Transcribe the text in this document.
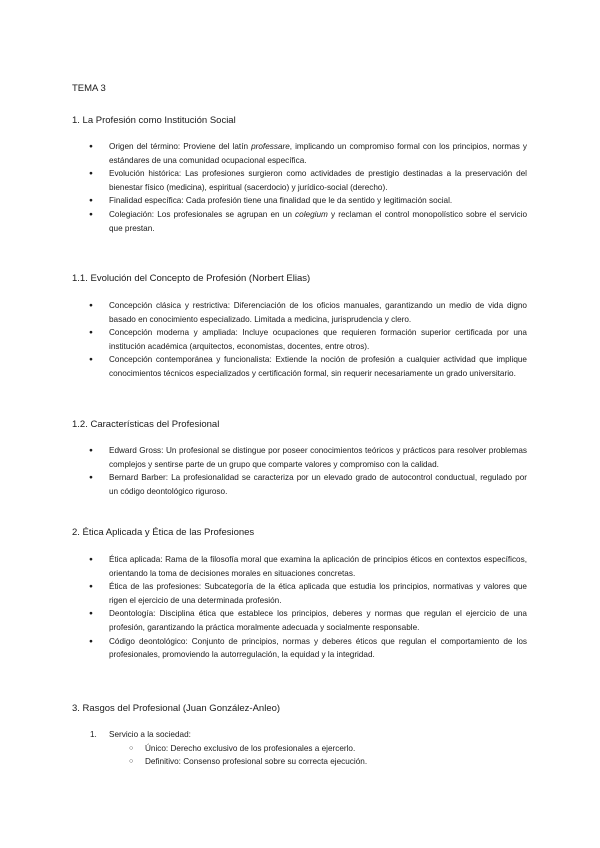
TEMA 3
1. La Profesión como Institución Social
● Origen del término: Proviene del latín professare, implicando un compromiso formal con los principios, normas y estándares de una comunidad ocupacional específica.
● Evolución histórica: Las profesiones surgieron como actividades de prestigio destinadas a la preservación del bienestar físico (medicina), espiritual (sacerdocio) y jurídico-social (derecho).
● Finalidad específica: Cada profesión tiene una finalidad que le da sentido y legitimación social.
● Colegiación: Los profesionales se agrupan en un colegium y reclaman el control monopolístico sobre el servicio que prestan.
1.1. Evolución del Concepto de Profesión (Norbert Elias)
● Concepción clásica y restrictiva: Diferenciación de los oficios manuales, garantizando un medio de vida digno basado en conocimiento especializado. Limitada a medicina, jurisprudencia y clero.
● Concepción moderna y ampliada: Incluye ocupaciones que requieren formación superior certificada por una institución académica (arquitectos, economistas, docentes, entre otros).
● Concepción contemporánea y funcionalista: Extiende la noción de profesión a cualquier actividad que implique conocimientos técnicos especializados y certificación formal, sin requerir necesariamente un grado universitario.
1.2. Características del Profesional
● Edward Gross: Un profesional se distingue por poseer conocimientos teóricos y prácticos para resolver problemas complejos y sentirse parte de un grupo que comparte valores y compromiso con la calidad.
● Bernard Barber: La profesionalidad se caracteriza por un elevado grado de autocontrol conductual, regulado por un código deontológico riguroso.
2. Ética Aplicada y Ética de las Profesiones
● Ética aplicada: Rama de la filosofía moral que examina la aplicación de principios éticos en contextos específicos, orientando la toma de decisiones morales en situaciones concretas.
● Ética de las profesiones: Subcategoría de la ética aplicada que estudia los principios, normativas y valores que rigen el ejercicio de una determinada profesión.
● Deontología: Disciplina ética que establece los principios, deberes y normas que regulan el ejercicio de una profesión, garantizando la práctica moralmente adecuada y socialmente responsable.
● Código deontológico: Conjunto de principios, normas y deberes éticos que regulan el comportamiento de los profesionales, promoviendo la autorregulación, la equidad y la integridad.
3. Rasgos del Profesional (Juan González-Anleo)
1. Servicio a la sociedad:
○ Único: Derecho exclusivo de los profesionales a ejercerlo.
○ Definitivo: Consenso profesional sobre su correcta ejecución.
